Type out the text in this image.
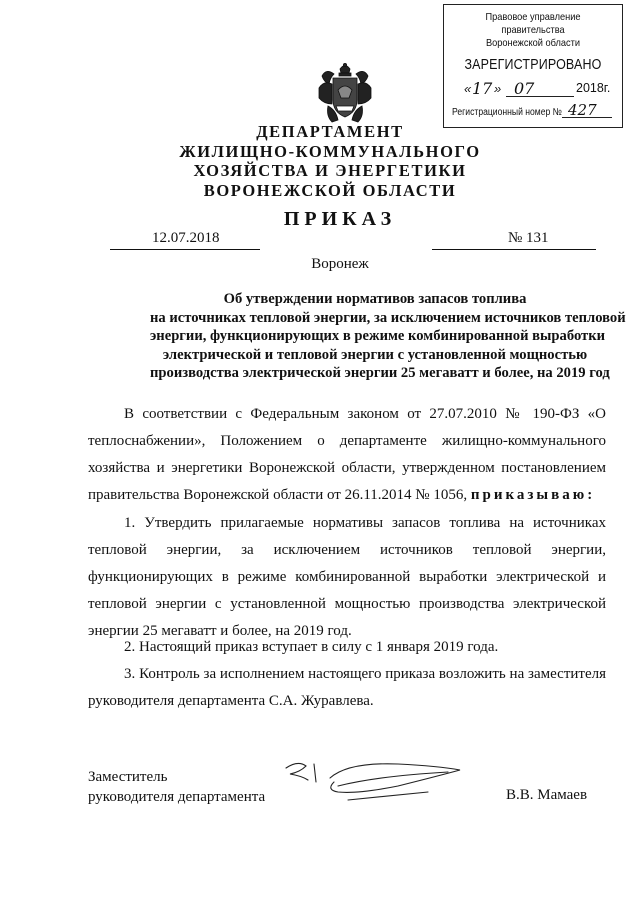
Правовое управление правительства
Воронежской области
ЗАРЕГИСТРИРОВАНО
« 17 » 07	2018г.
Регистрационный номер № 427
ДЕПАРТАМЕНТ
ЖИЛИЩНО-КОММУНАЛЬНОГО
ХОЗЯЙСТВА И ЭНЕРГЕТИКИ
ВОРОНЕЖСКОЙ ОБЛАСТИ
ПРИКАЗ
12.07.2018	№ 131
Воронеж
Об утверждении нормативов запасов топлива
на источниках тепловой энергии, за исключением источников тепловой
энергии, функционирующих в режиме комбинированной выработки
электрической и тепловой энергии с установленной мощностью
производства электрической энергии 25 мегаватт и более, на 2019 год
В соответствии с Федеральным законом от 27.07.2010 № 190-ФЗ «О теплоснабжении», Положением о департаменте жилищно-коммунального хозяйства и энергетики Воронежской области, утвержденном постановлением правительства Воронежской области от 26.11.2014 № 1056, приказываю:
1. Утвердить прилагаемые нормативы запасов топлива на источниках тепловой энергии, за исключением источников тепловой энергии, функционирующих в режиме комбинированной выработки электрической и тепловой энергии с установленной мощностью производства электрической энергии 25 мегаватт и более, на 2019 год.
2. Настоящий приказ вступает в силу с 1 января 2019 года.
3. Контроль за исполнением настоящего приказа возложить на заместителя руководителя департамента С.А. Журавлева.
Заместитель
руководителя департамента	В.В. Мамаев
